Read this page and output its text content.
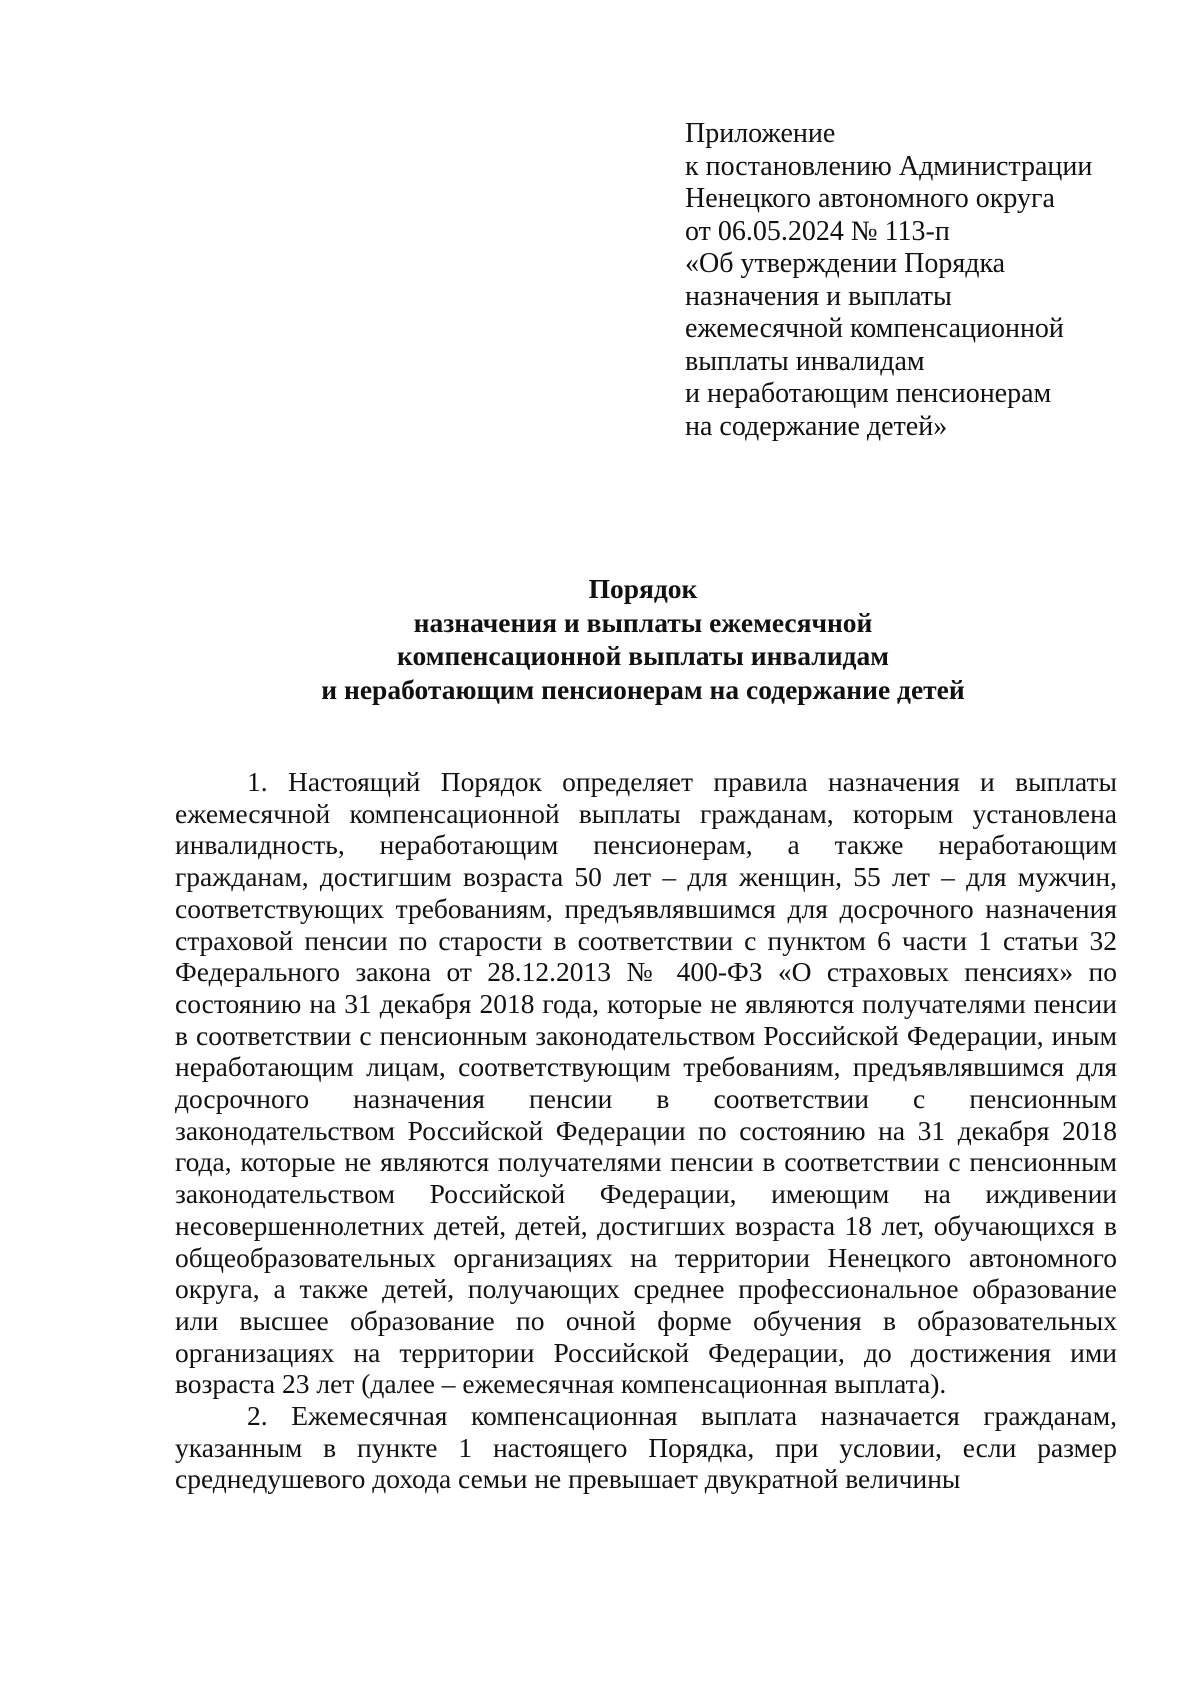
Приложение
к постановлению Администрации
Ненецкого автономного округа
от 06.05.2024 № 113-п
«Об утверждении Порядка
назначения и выплаты
ежемесячной компенсационной
выплаты инвалидам
и неработающим пенсионерам
на содержание детей»
Порядок
назначения и выплаты ежемесячной
компенсационной выплаты инвалидам
и неработающим пенсионерам на содержание детей

1. Настоящий Порядок определяет правила назначения и выплаты ежемесячной компенсационной выплаты гражданам, которым установлена инвалидность, неработающим пенсионерам, а также неработающим гражданам, достигшим возраста 50 лет – для женщин, 55 лет – для мужчин, соответствующих требованиям, предъявлявшимся для досрочного назначения страховой пенсии по старости в соответствии с пунктом 6 части 1 статьи 32 Федерального закона от 28.12.2013 № 400-ФЗ «О страховых пенсиях» по состоянию на 31 декабря 2018 года, которые не являются получателями пенсии в соответствии с пенсионным законодательством Российской Федерации, иным неработающим лицам, соответствующим требованиям, предъявлявшимся для досрочного назначения пенсии в соответствии с пенсионным законодательством Российской Федерации по состоянию на 31 декабря 2018 года, которые не являются получателями пенсии в соответствии с пенсионным законодательством Российской Федерации, имеющим на иждивении несовершеннолетних детей, детей, достигших возраста 18 лет, обучающихся в общеобразовательных организациях на территории Ненецкого автономного округа, а также детей, получающих среднее профессиональное образование или высшее образование по очной форме обучения в образовательных организациях на территории Российской Федерации, до достижения ими возраста 23 лет (далее – ежемесячная компенсационная выплата).

2. Ежемесячная компенсационная выплата назначается гражданам, указанным в пункте 1 настоящего Порядка, при условии, если размер среднедушевого дохода семьи не превышает двукратной величины
